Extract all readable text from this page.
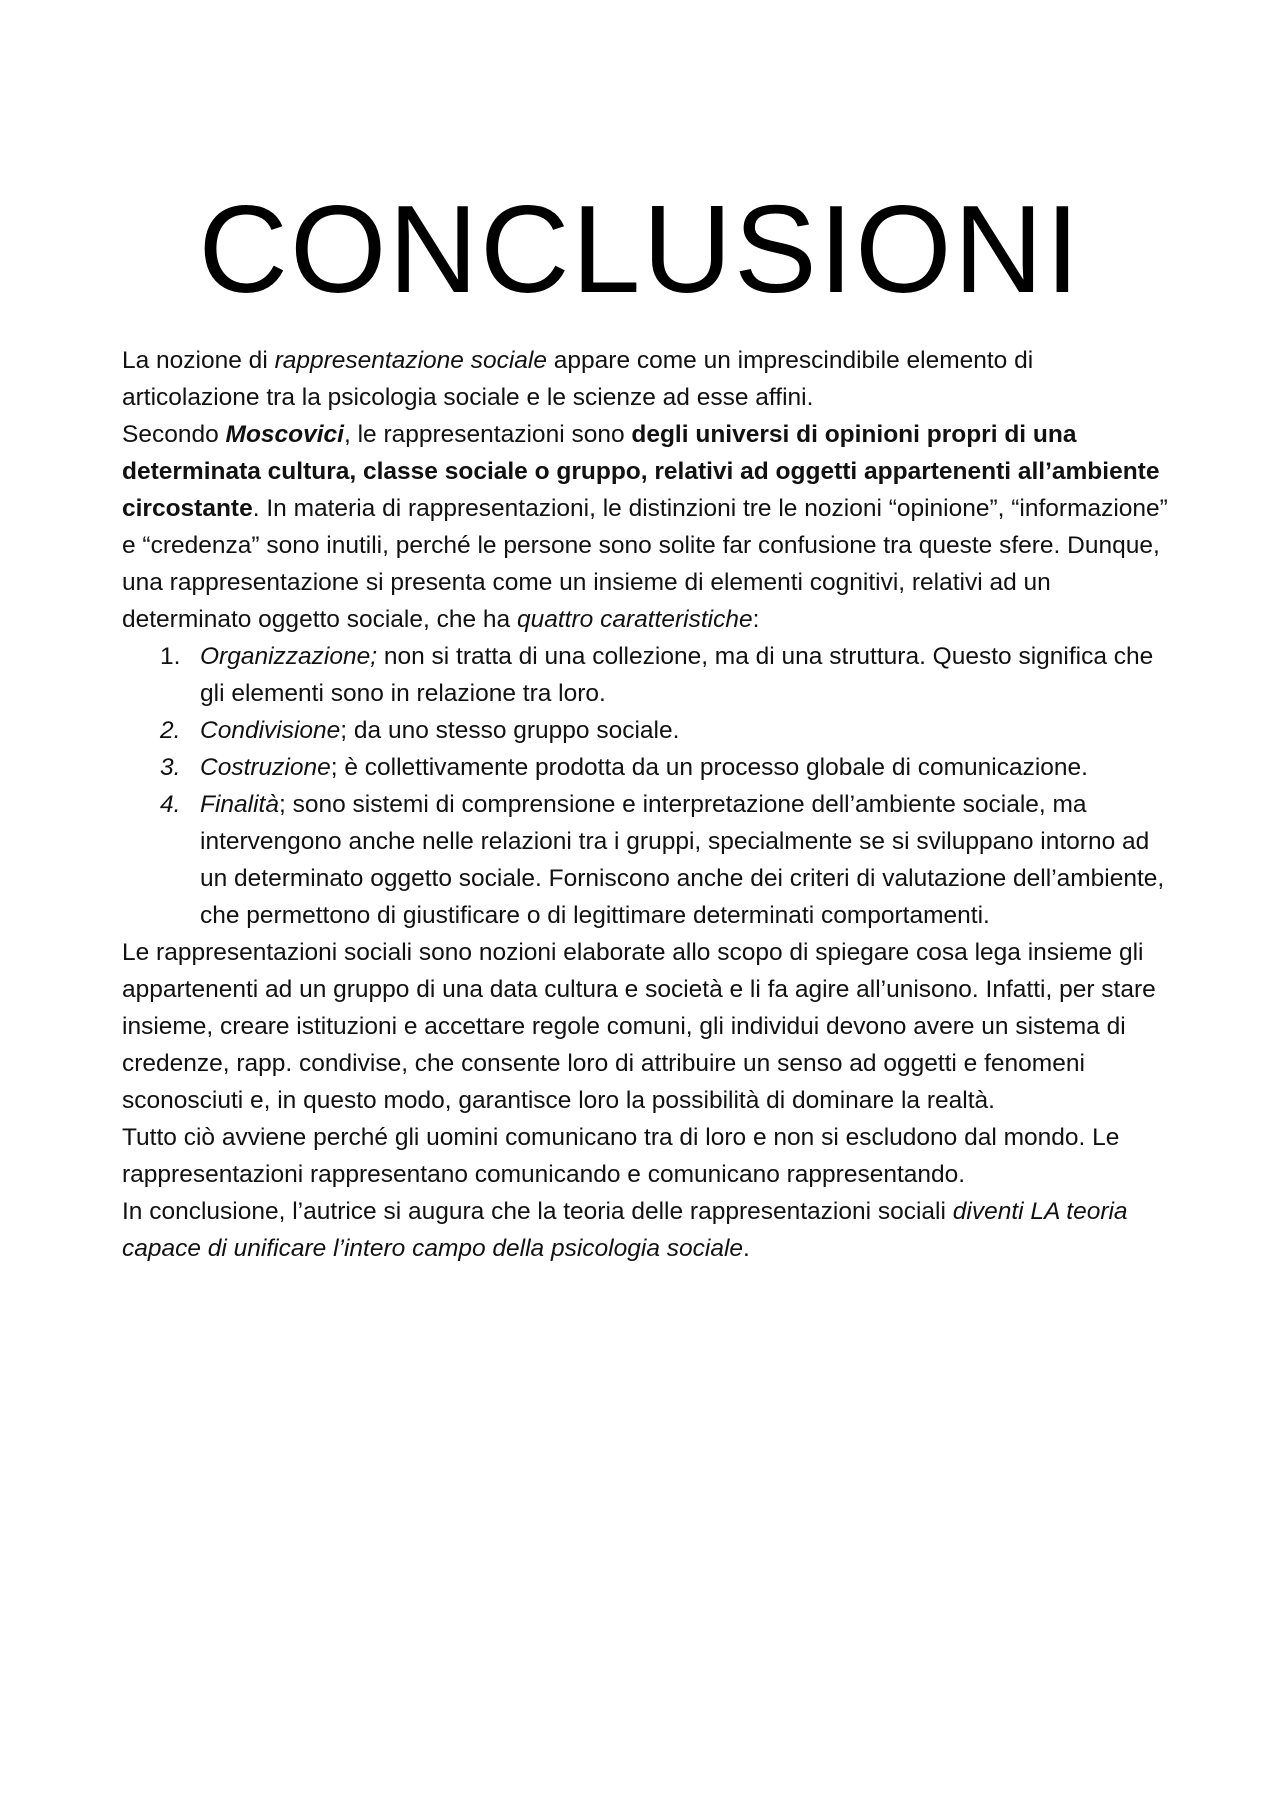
CONCLUSIONI

La nozione di rappresentazione sociale appare come un imprescindibile elemento di articolazione tra la psicologia sociale e le scienze ad esse affini.

Secondo Moscovici, le rappresentazioni sono degli universi di opinioni propri di una determinata cultura, classe sociale o gruppo, relativi ad oggetti appartenenti all’ambiente circostante. In materia di rappresentazioni, le distinzioni tre le nozioni “opinione”, “informazione” e “credenza” sono inutili, perché le persone sono solite far confusione tra queste sfere. Dunque, una rappresentazione si presenta come un insieme di elementi cognitivi, relativi ad un determinato oggetto sociale, che ha quattro caratteristiche:

1. Organizzazione; non si tratta di una collezione, ma di una struttura. Questo significa che gli elementi sono in relazione tra loro.
2. Condivisione; da uno stesso gruppo sociale.
3. Costruzione; è collettivamente prodotta da un processo globale di comunicazione.
4. Finalità; sono sistemi di comprensione e interpretazione dell’ambiente sociale, ma intervengono anche nelle relazioni tra i gruppi, specialmente se si sviluppano intorno ad un determinato oggetto sociale. Forniscono anche dei criteri di valutazione dell’ambiente, che permettono di giustificare o di legittimare determinati comportamenti.

Le rappresentazioni sociali sono nozioni elaborate allo scopo di spiegare cosa lega insieme gli appartenenti ad un gruppo di una data cultura e società e li fa agire all’unisono. Infatti, per stare insieme, creare istituzioni e accettare regole comuni, gli individui devono avere un sistema di credenze, rapp. condivise, che consente loro di attribuire un senso ad oggetti e fenomeni sconosciuti e, in questo modo, garantisce loro la possibilità di dominare la realtà.

Tutto ciò avviene perché gli uomini comunicano tra di loro e non si escludono dal mondo. Le rappresentazioni rappresentano comunicando e comunicano rappresentando.

In conclusione, l’autrice si augura che la teoria delle rappresentazioni sociali diventi LA teoria capace di unificare l’intero campo della psicologia sociale.
